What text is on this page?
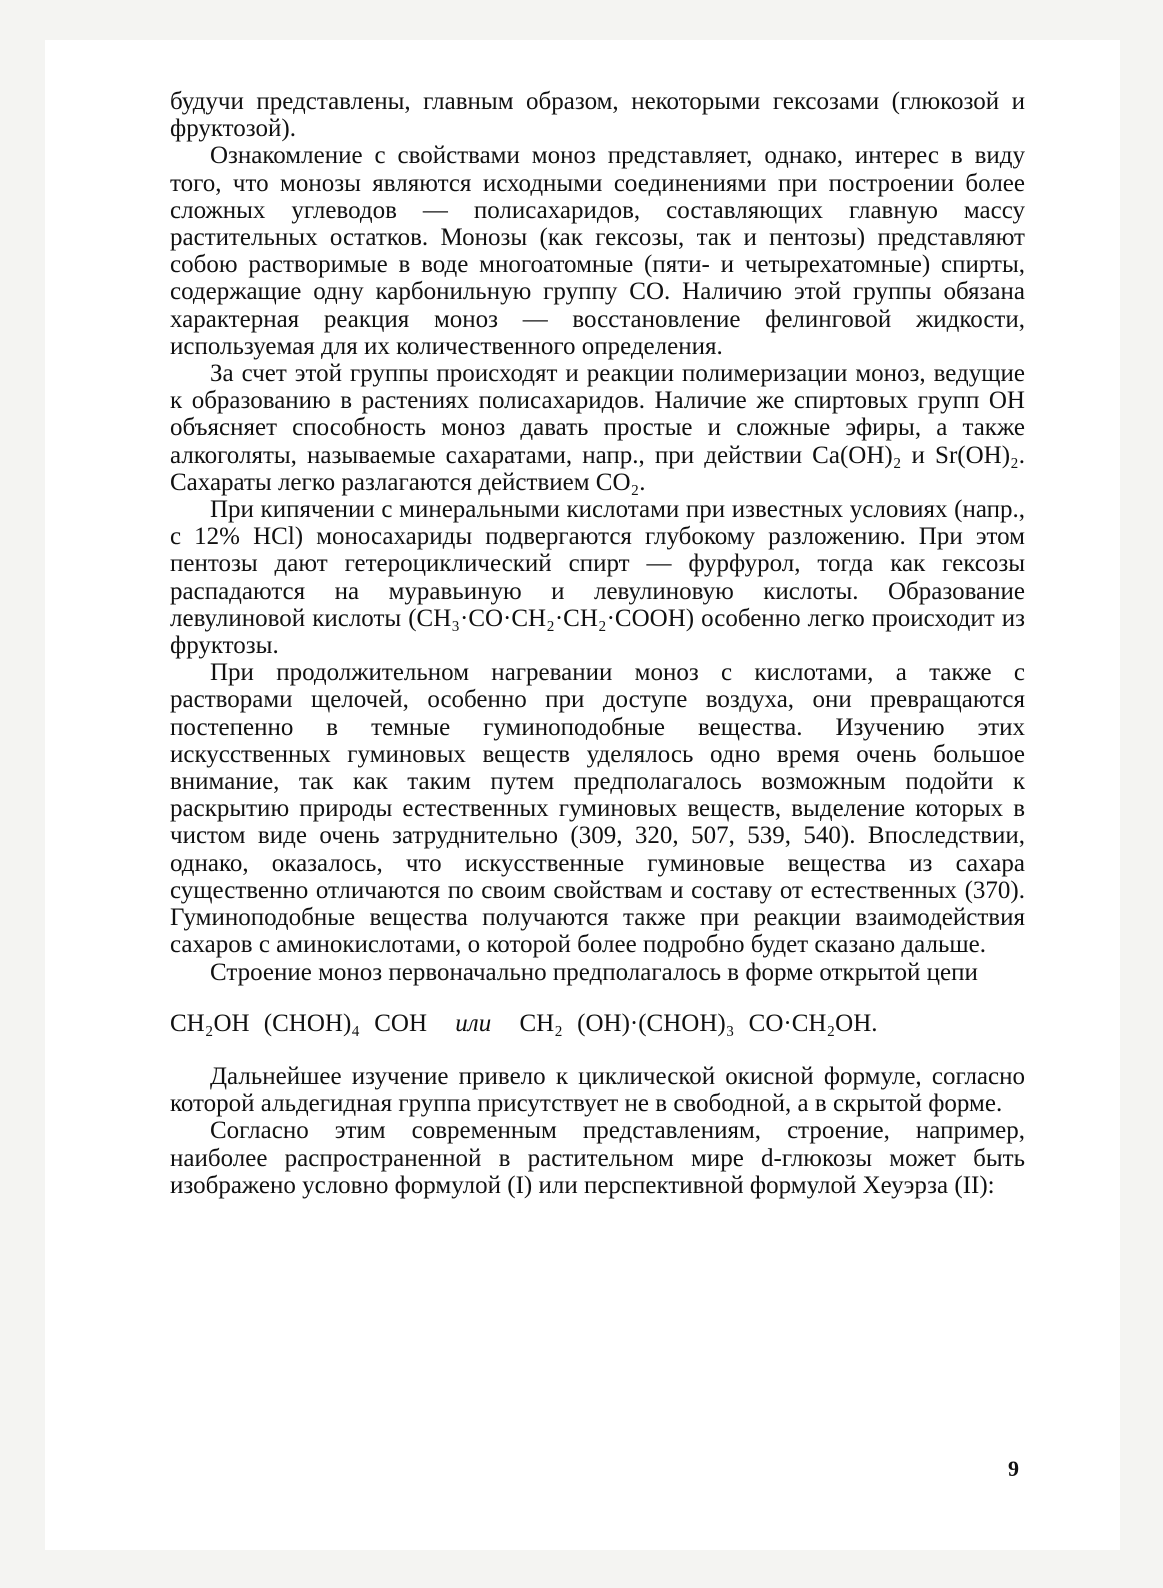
будучи представлены, главным образом, некоторыми гексозами (глюкозой и фруктозой).

Ознакомление с свойствами моноз представляет, однако, интерес в виду того, что монозы являются исходными соединениями при построении более сложных углеводов — полисахаридов, составляющих главную массу растительных остатков. Монозы (как гексозы, так и пентозы) представляют собою растворимые в воде многоатомные (пяти- и четырехатомные) спирты, содержащие одну карбонильную группу CO. Наличию этой группы обязана характерная реакция моноз — восстановление фелинговой жидкости, используемая для их количественного определения.

За счет этой группы происходят и реакции полимеризации моноз, ведущие к образованию в растениях полисахаридов. Наличие же спиртовых групп OH объясняет способность моноз давать простые и сложные эфиры, а также алкоголяты, называемые сахаратами, напр., при действии Ca(OH)₂ и Sr(OH)₂. Сахараты легко разлагаются действием CO₂.

При кипячении с минеральными кислотами при известных условиях (напр., с 12% HCl) моносахариды подвергаются глубокому разложению. При этом пентозы дают гетероциклический спирт — фурфурол, тогда как гексозы распадаются на муравьиную и левулиновую кислоты. Образование левулиновой кислоты (CH₃·CO·CH₂·CH₂·COOH) особенно легко происходит из фруктозы.

При продолжительном нагревании моноз с кислотами, а также с растворами щелочей, особенно при доступе воздуха, они превращаются постепенно в темные гуминоподобные вещества. Изучению этих искусственных гуминовых веществ уделялось одно время очень большое внимание, так как таким путем предполагалось возможным подойти к раскрытию природы естественных гуминовых веществ, выделение которых в чистом виде очень затруднительно (309, 320, 507, 539, 540). Впоследствии, однако, оказалось, что искусственные гуминовые вещества из сахара существенно отличаются по своим свойствам и составу от естественных (370). Гуминоподобные вещества получаются также при реакции взаимодействия сахаров с аминокислотами, о которой более подробно будет сказано дальше.

Строение моноз первоначально предполагалось в форме открытой цепи

CH₂OH (CHOH)₄ COH или CH₂ (OH)·(CHOH)₃ CO·CH₂OH.

Дальнейшее изучение привело к циклической окисной формуле, согласно которой альдегидная группа присутствует не в свободной, а в скрытой форме.

Согласно этим современным представлениям, строение, например, наиболее распространенной в растительном мире d-глюкозы может быть изображено условно формулой (I) или перспективной формулой Хеуэрза (II):

9
